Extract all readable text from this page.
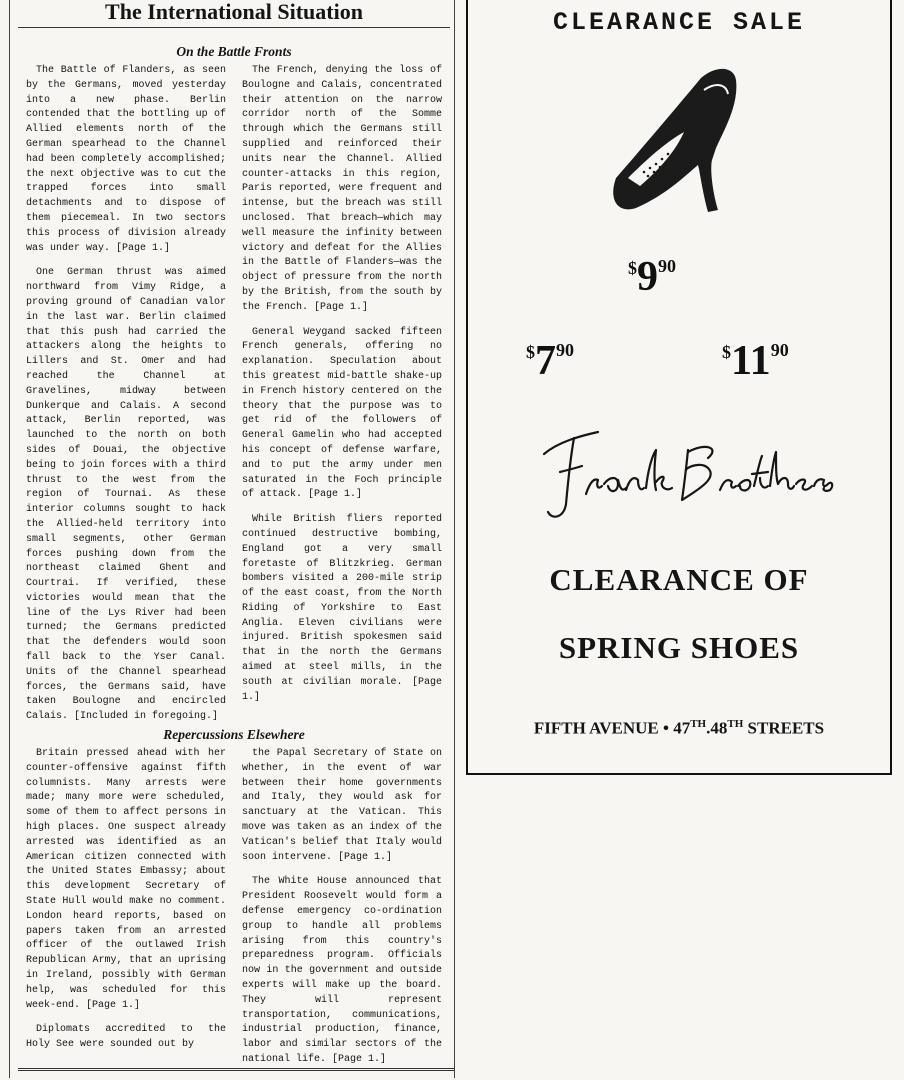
The International Situation
On the Battle Fronts

The Battle of Flanders, as seen by the Germans, moved yesterday into a new phase. Berlin contended that the bottling up of Allied elements north of the German spearhead to the Channel had been completely accomplished; the next objective was to cut the trapped forces into small detachments and to dispose of them piecemeal. In two sectors this process of division already was under way. [Page 1.]

One German thrust was aimed northward from Vimy Ridge, a proving ground of Canadian valor in the last war. Berlin claimed that this push had carried the attackers along the heights to Lillers and St. Omer and had reached the Channel at Gravelines, midway between Dunkerque and Calais. A second attack, Berlin reported, was launched to the north on both sides of Douai, the objective being to join forces with a third thrust to the west from the region of Tournai. As these interior columns sought to hack the Allied-held territory into small segments, other German forces pushing down from the northeast claimed Ghent and Courtrai. If verified, these victories would mean that the line of the Lys River had been turned; the Germans predicted that the defenders would soon fall back to the Yser Canal. Units of the Channel spearhead forces, the Germans said, have taken Boulogne and encircled Calais. [Included in foregoing.]

The French, denying the loss of Boulogne and Calais, concentrated their attention on the narrow corridor north of the Somme through which the Germans still supplied and reinforced their units near the Channel. Allied counter-attacks in this region, Paris reported, were frequent and intense, but the breach was still unclosed. That breach—which may well measure the infinity between victory and defeat for the Allies in the Battle of Flanders—was the object of pressure from the north by the British, from the south by the French. [Page 1.]

General Weygand sacked fifteen French generals, offering no explanation. Speculation about this greatest mid-battle shake-up in French history centered on the theory that the purpose was to get rid of the followers of General Gamelin who had accepted his concept of defense warfare, and to put the army under men saturated in the Foch principle of attack. [Page 1.]

While British fliers reported continued destructive bombing, England got a very small foretaste of Blitzkrieg. German bombers visited a 200-mile strip of the east coast, from the North Riding of Yorkshire to East Anglia. Eleven civilians were injured. British spokesmen said that in the north the Germans aimed at steel mills, in the south at civilian morale. [Page 1.]

Repercussions Elsewhere

Britain pressed ahead with her counter-offensive against fifth columnists. Many arrests were made; many more were scheduled, some of them to affect persons in high places. One suspect already arrested was identified as an American citizen connected with the United States Embassy; about this development Secretary of State Hull would make no comment. London heard reports, based on papers taken from an arrested officer of the outlawed Irish Republican Army, that an uprising in Ireland, possibly with German help, was scheduled for this week-end. [Page 1.]

Diplomats accredited to the Holy See were sounded out by

the Papal Secretary of State on whether, in the event of war between their home governments and Italy, they would ask for sanctuary at the Vatican. This move was taken as an index of the Vatican's belief that Italy would soon intervene. [Page 1.]

The White House announced that President Roosevelt would form a defense emergency co-ordination group to handle all problems arising from this country's preparedness program. Officials now in the government and outside experts will make up the board. They will represent transportation, communications, industrial production, finance, labor and similar sectors of the national life. [Page 1.]

CLEARANCE SALE
$990
$790	$1190
CLEARANCE OF
SPRING SHOES
FIFTH AVENUE • 47TH.48TH STREETS
